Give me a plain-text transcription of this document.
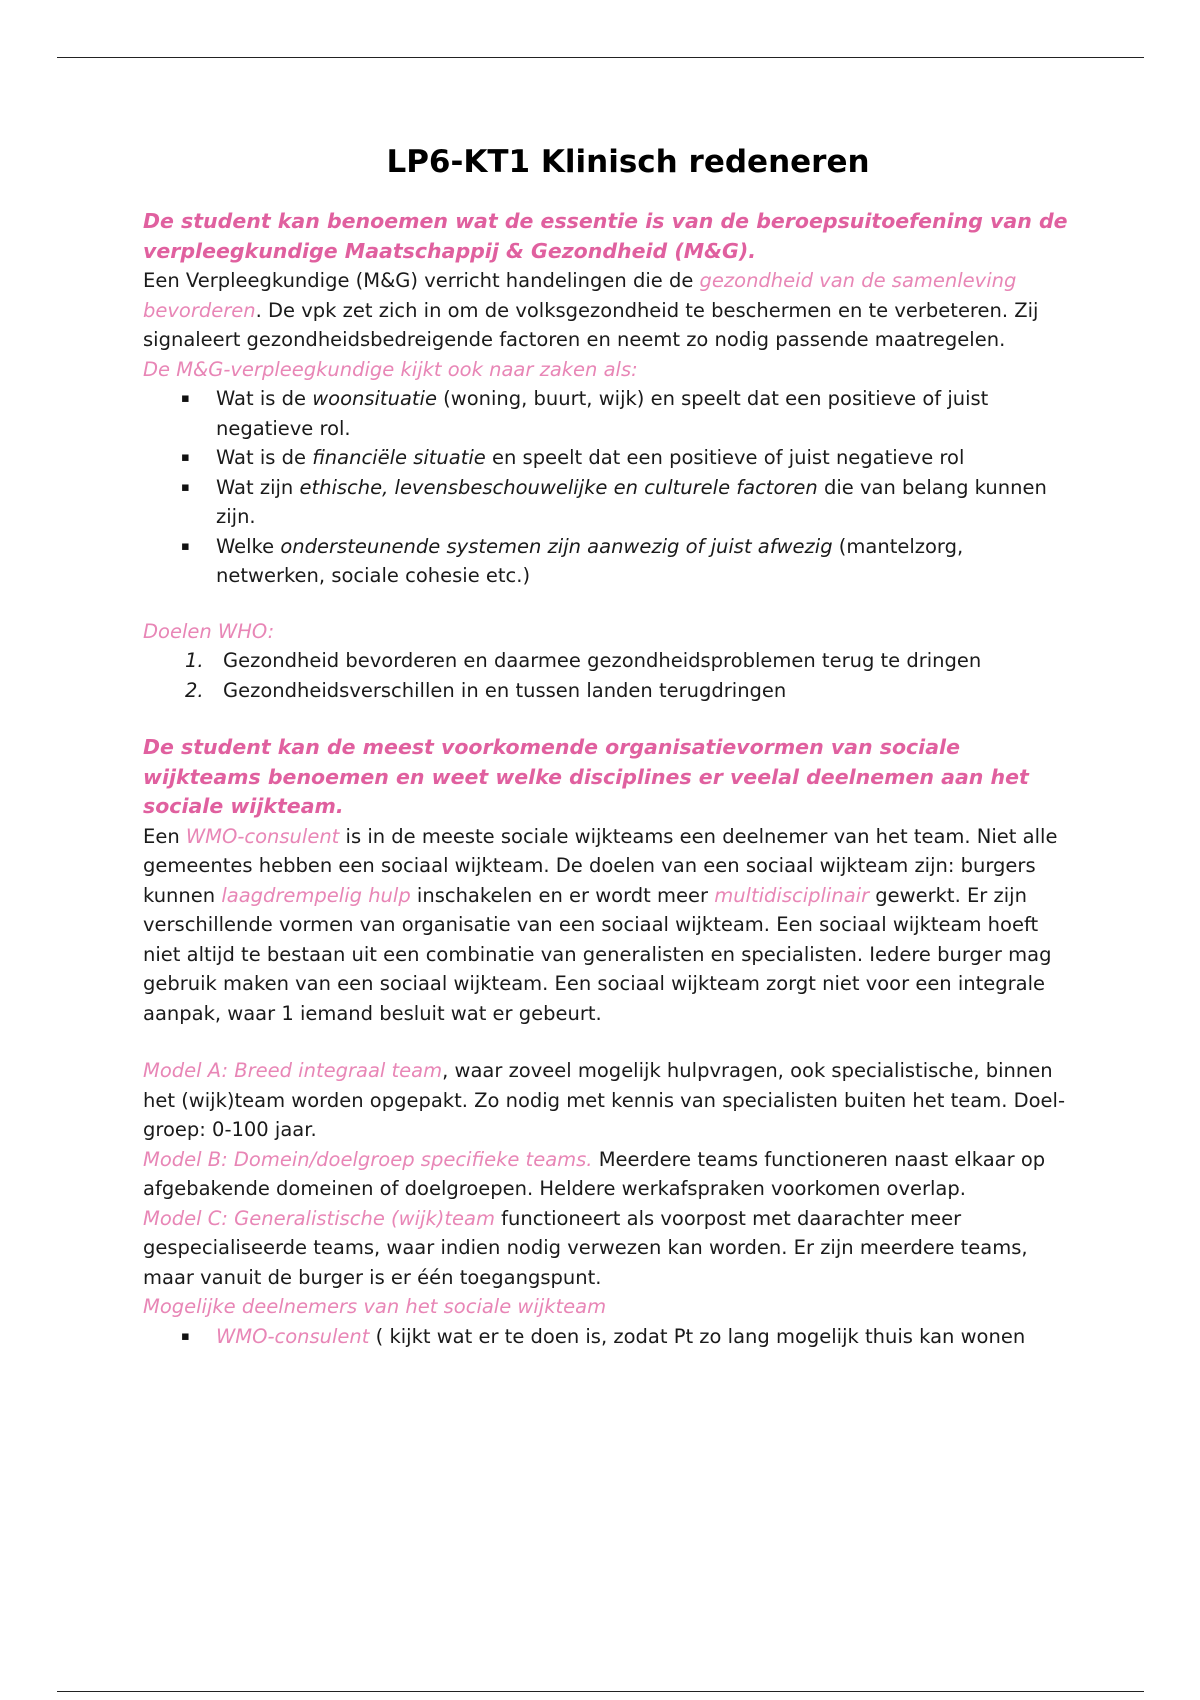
LP6-KT1 Klinisch redeneren

De student kan benoemen wat de essentie is van de beroepsuitoefening van de verpleegkundige Maatschappij & Gezondheid (M&G).

Een Verpleegkundige (M&G) verricht handelingen die de gezondheid van de samenleving bevorderen. De vpk zet zich in om de volksgezondheid te beschermen en te verbeteren. Zij signaleert gezondheidsbedreigende factoren en neemt zo nodig passende maatregelen.

De M&G-verpleegkundige kijkt ook naar zaken als:

▪ Wat is de woonsituatie (woning, buurt, wijk) en speelt dat een positieve of juist negatieve rol.
▪ Wat is de financiële situatie en speelt dat een positieve of juist negatieve rol
▪ Wat zijn ethische, levensbeschouwelijke en culturele factoren die van belang kunnen zijn.
▪ Welke ondersteunende systemen zijn aanwezig of juist afwezig (mantelzorg, netwerken, sociale cohesie etc.)

Doelen WHO:

1. Gezondheid bevorderen en daarmee gezondheidsproblemen terug te dringen
2. Gezondheidsverschillen in en tussen landen terugdringen

De student kan de meest voorkomende organisatievormen van sociale wijkteams benoemen en weet welke disciplines er veelal deelnemen aan het sociale wijkteam.

Een WMO-consulent is in de meeste sociale wijkteams een deelnemer van het team. Niet alle gemeentes hebben een sociaal wijkteam. De doelen van een sociaal wijkteam zijn: burgers kunnen laagdrempelig hulp inschakelen en er wordt meer multidisciplinair gewerkt. Er zijn verschillende vormen van organisatie van een sociaal wijkteam. Een sociaal wijkteam hoeft niet altijd te bestaan uit een combinatie van generalisten en specialisten. Iedere burger mag gebruik maken van een sociaal wijkteam. Een sociaal wijkteam zorgt niet voor een integrale aanpak, waar 1 iemand besluit wat er gebeurt.

Model A: Breed integraal team, waar zoveel mogelijk hulpvragen, ook specialistische, binnen het (wijk)team worden opgepakt. Zo nodig met kennis van specialisten buiten het team. Doel- groep: 0-100 jaar.

Model B: Domein/doelgroep specifieke teams. Meerdere teams functioneren naast elkaar op afgebakende domeinen of doelgroepen. Heldere werkafspraken voorkomen overlap.

Model C: Generalistische (wijk)team functioneert als voorpost met daarachter meer gespecialiseerde teams, waar indien nodig verwezen kan worden. Er zijn meerdere teams, maar vanuit de burger is er één toegangspunt.

Mogelijke deelnemers van het sociale wijkteam

▪ WMO-consulent ( kijkt wat er te doen is, zodat Pt zo lang mogelijk thuis kan wonen
